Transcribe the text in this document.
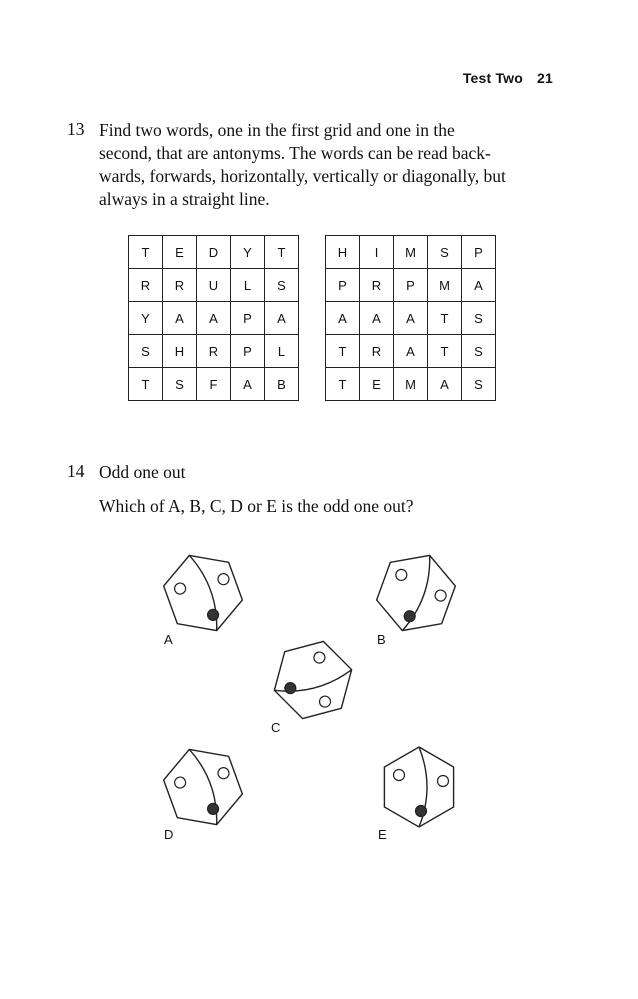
Test Two 21
13 Find two words, one in the first grid and one in the
second, that are antonyms. The words can be read back-
wards, forwards, horizontally, vertically or diagonally, but
always in a straight line.
T	E	D	Y	T
R	R	U	L	S
Y	A	A	P	A
S	H	R	P	L
T	S	F	A	B
H	I	M	S	P
P	R	P	M	A
A	A	A	T	S
T	R	A	T	S
T	E	M	A	S
14 Odd one out
Which of A, B, C, D or E is the odd one out?
A	B
C
D	E
